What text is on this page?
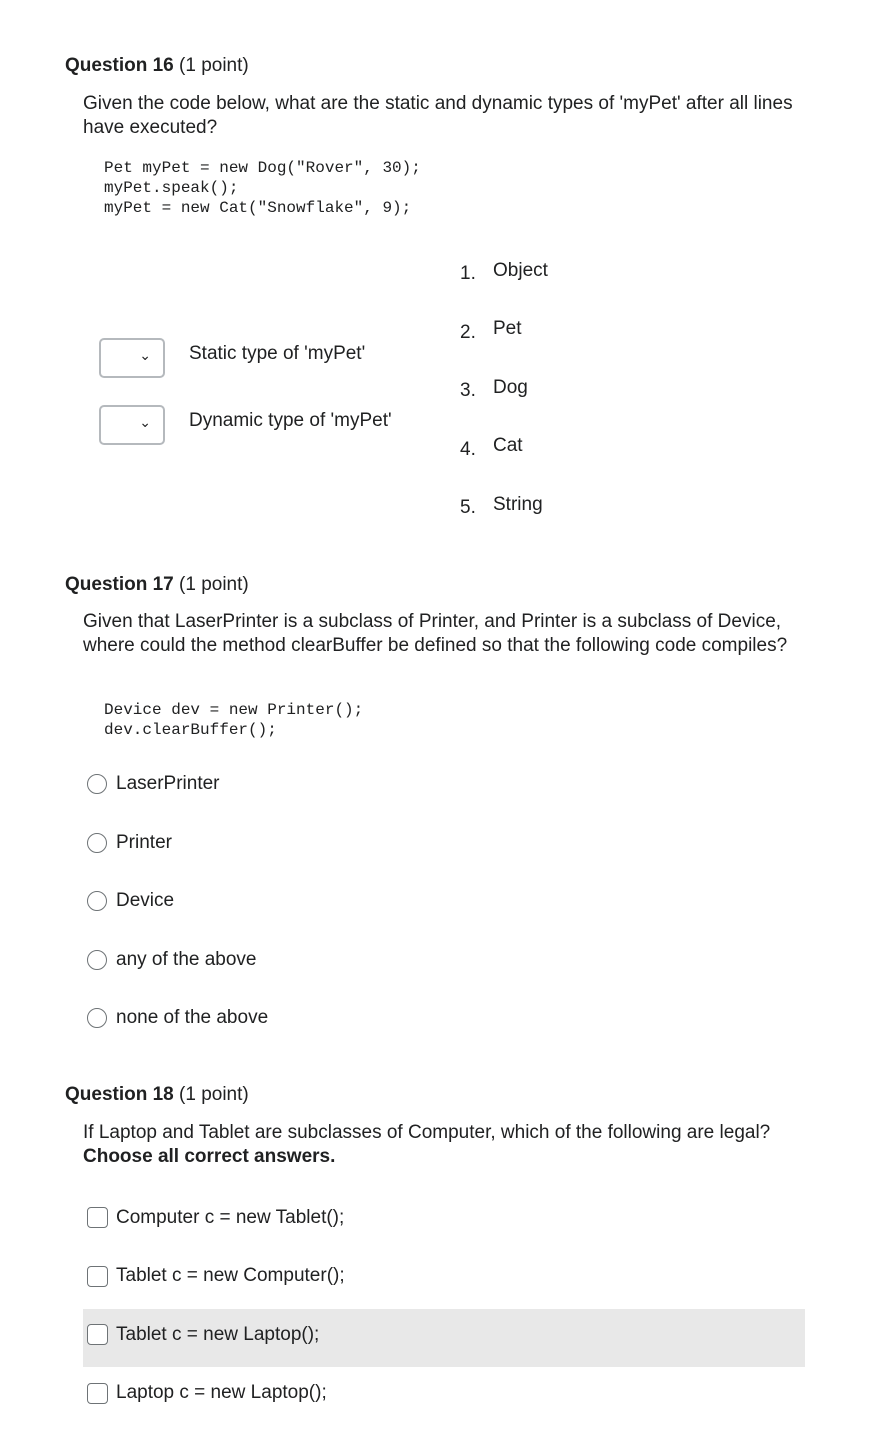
Question 16 (1 point)
Given the code below, what are the static and dynamic types of 'myPet' after all lines have executed?
Pet myPet = new Dog("Rover", 30);
myPet.speak();
myPet = new Cat("Snowflake", 9);
⌄ Static type of 'myPet'
⌄ Dynamic type of 'myPet'
1. Object
2. Pet
3. Dog
4. Cat
5. String
Question 17 (1 point)
Given that LaserPrinter is a subclass of Printer, and Printer is a subclass of Device, where could the method clearBuffer be defined so that the following code compiles?
Device dev = new Printer();
dev.clearBuffer();
LaserPrinter
Printer
Device
any of the above
none of the above
Question 18 (1 point)
If Laptop and Tablet are subclasses of Computer, which of the following are legal? Choose all correct answers.
Computer c = new Tablet();
Tablet c = new Computer();
Tablet c = new Laptop();
Laptop c = new Laptop();
